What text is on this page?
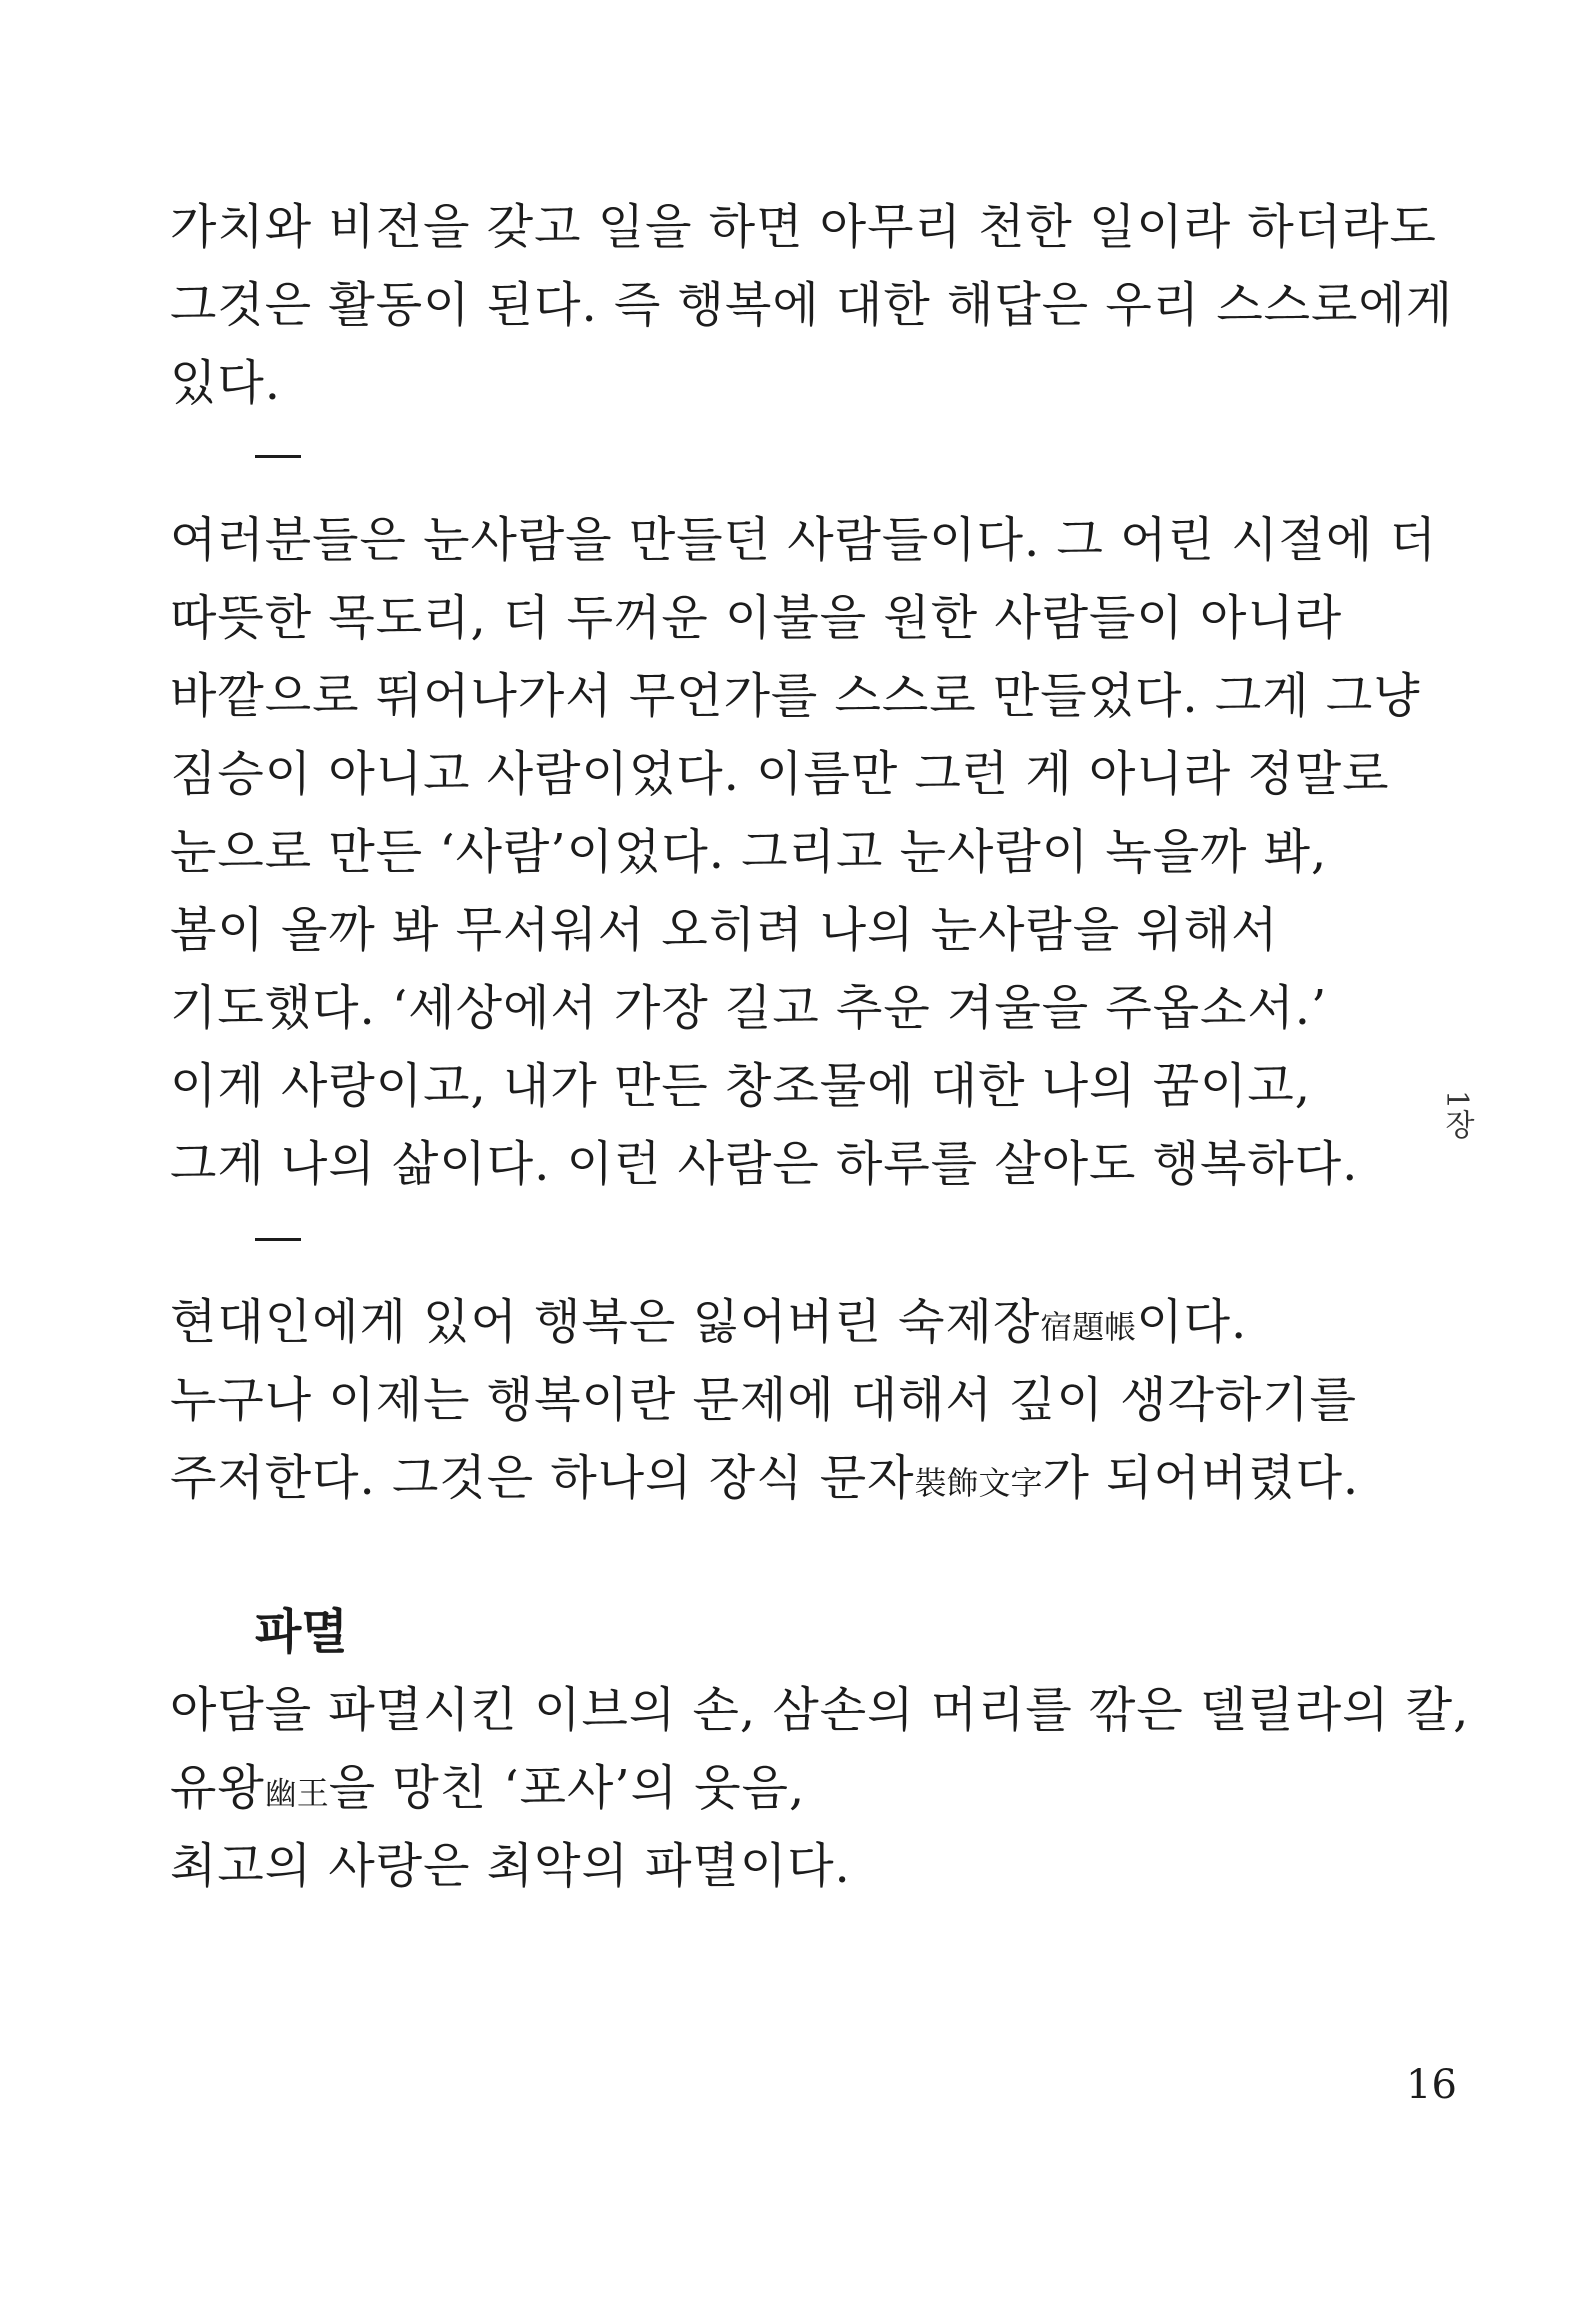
가치와 비전을 갖고 일을 하면 아무리 천한 일이라 하더라도
그것은 활동이 된다. 즉 행복에 대한 해답은 우리 스스로에게
있다.
여러분들은 눈사람을 만들던 사람들이다. 그 어린 시절에 더
따뜻한 목도리, 더 두꺼운 이불을 원한 사람들이 아니라
바깥으로 뛰어나가서 무언가를 스스로 만들었다. 그게 그냥
짐승이 아니고 사람이었다. 이름만 그런 게 아니라 정말로
눈으로 만든 ‘사람’이었다. 그리고 눈사람이 녹을까 봐,
봄이 올까 봐 무서워서 오히려 나의 눈사람을 위해서
기도했다. ‘세상에서 가장 길고 추운 겨울을 주옵소서.’
이게 사랑이고, 내가 만든 창조물에 대한 나의 꿈이고,
그게 나의 삶이다. 이런 사람은 하루를 살아도 행복하다.
현대인에게 있어 행복은 잃어버린 숙제장宿題帳이다.
누구나 이제는 행복이란 문제에 대해서 깊이 생각하기를
주저한다. 그것은 하나의 장식 문자裝飾文字가 되어버렸다.
파멸
아담을 파멸시킨 이브의 손, 삼손의 머리를 깎은 델릴라의 칼,
유왕幽王을 망친 ‘포사’의 웃음,
최고의 사랑은 최악의 파멸이다.
1장
16
